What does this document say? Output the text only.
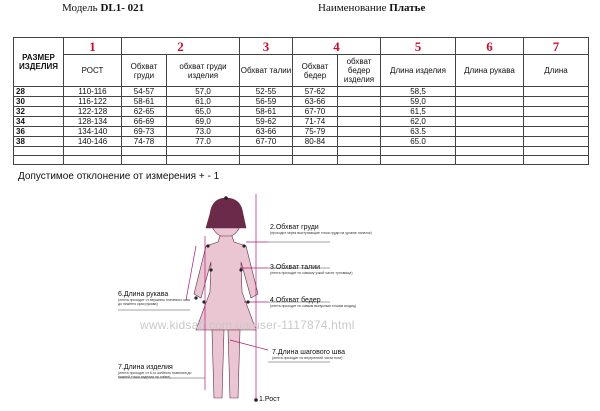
Модель DL1- 021	Наименование Платье
РАЗМЕР ИЗДЕЛИЯ	1	2		3	4		5	6	7
	РОСТ	Обхват груди	обхват груди изделия	Обхват талии	Обхват бедер	обхват бедер изделия	Длина изделия	Длина рукава	Длина
28	110-116	54-57	57,0	52-55	57-62		58,5		
30	116-122	58-61	61,0	56-59	63-66		59,0		
32	122-128	62-65	65,0	58-61	67-70		61,5		
34	128-134	66-69	69,0	59-62	71-74		62,0		
36	134-140	69-73	73.0	63-66	75-79		63.5		
38	140-146	74-78	77.0	67-70	80-84		65.0		

Допустимое отклонение от измерения + - 1
2.Обхват груди
(проходит через выступающие точки груди на уровне лопаток)
3.Обхват талии
(лента проходит по самому узкой части туловища)
4.Обхват бедер
(лента проходит по самым выпуклым точкам ягодиц)
6.Длина рукава
(лента проходит от вершины плечевого шва до нижнего края рукава)
7.Длина шагового шва
(лента проходит по внутренней части ноги)
7.Длина изделия
(лента проходит от 6-го шейного позвонка до нижней точки изделия на спине)
1.Рост
www.kidsaff.com.ua/user-1117874.html
